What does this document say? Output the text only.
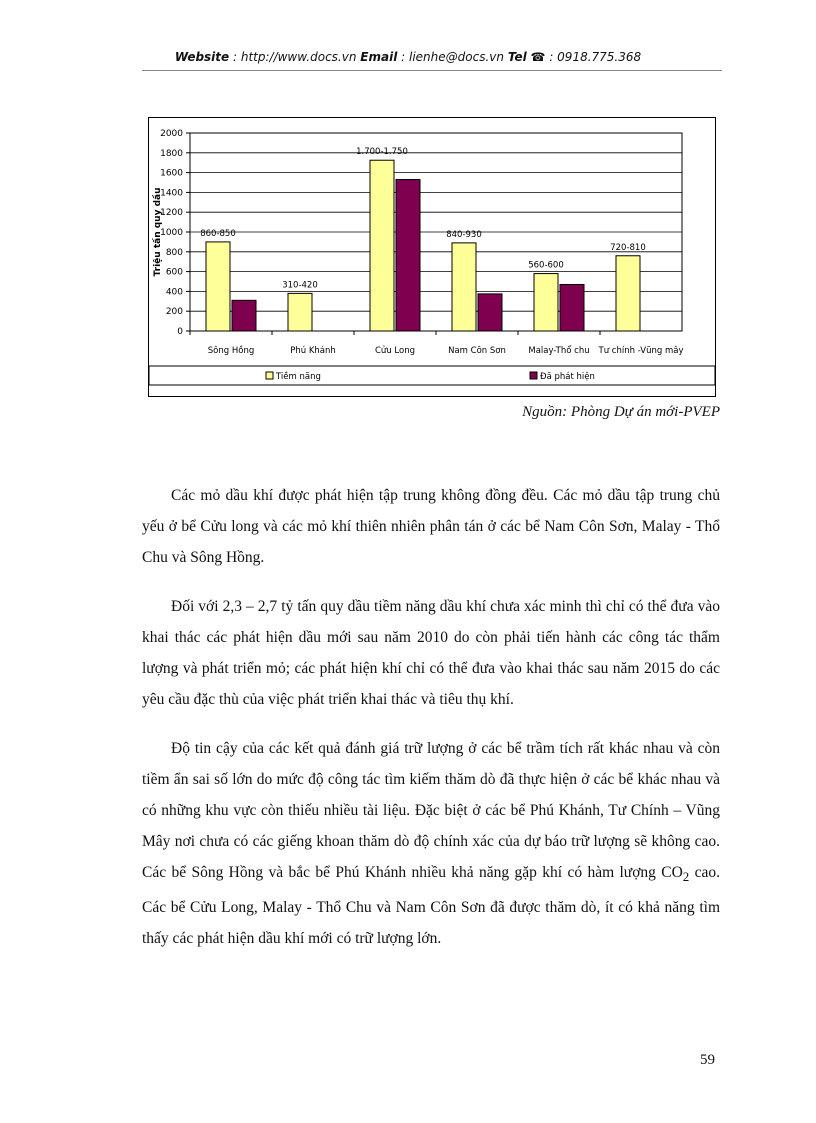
Website : http://www.docs.vn Email : lienhe@docs.vn Tel ☎ : 0918.775.368
0
200
400
600
800
1000
1200
1400
1600
1800
2000
Triệu tấn quy dầu	860-850
Sông Hồng
310-420
Phú Khánh
1.700-1.750
Cửu Long
840-930
Nam Côn Sơn
560-600
Malay-Thổ chu
720-810
Tư chính -Vũng mây
Tiềm năng	Đã phát hiện
Nguồn: Phòng Dự án mới-PVEP

Các mỏ dầu khí được phát hiện tập trung không đồng đều. Các mỏ dầu tập trung chủ yếu ở bể Cửu long và các mỏ khí thiên nhiên phân tán ở các bể Nam Côn Sơn, Malay - Thổ Chu và Sông Hồng.

Đối với 2,3 – 2,7 tỷ tấn quy dầu tiềm năng dầu khí chưa xác minh thì chỉ có thể đưa vào khai thác các phát hiện dầu mới sau năm 2010 do còn phải tiến hành các công tác thẩm lượng và phát triển mỏ; các phát hiện khí chỉ có thể đưa vào khai thác sau năm 2015 do các yêu cầu đặc thù của việc phát triển khai thác và tiêu thụ khí.

Độ tin cậy của các kết quả đánh giá trữ lượng ở các bể trầm tích rất khác nhau và còn tiềm ẩn sai số lớn do mức độ công tác tìm kiếm thăm dò đã thực hiện ở các bể khác nhau và có những khu vực còn thiếu nhiều tài liệu. Đặc biệt ở các bể Phú Khánh, Tư Chính – Vũng Mây nơi chưa có các giếng khoan thăm dò độ chính xác của dự báo trữ lượng sẽ không cao. Các bể Sông Hồng và bắc bể Phú Khánh nhiều khả năng gặp khí có hàm lượng $CO_2$ cao. Các bể Cửu Long, Malay - Thổ Chu và Nam Côn Sơn đã được thăm dò, ít có khả năng tìm thấy các phát hiện dầu khí mới có trữ lượng lớn.

59
